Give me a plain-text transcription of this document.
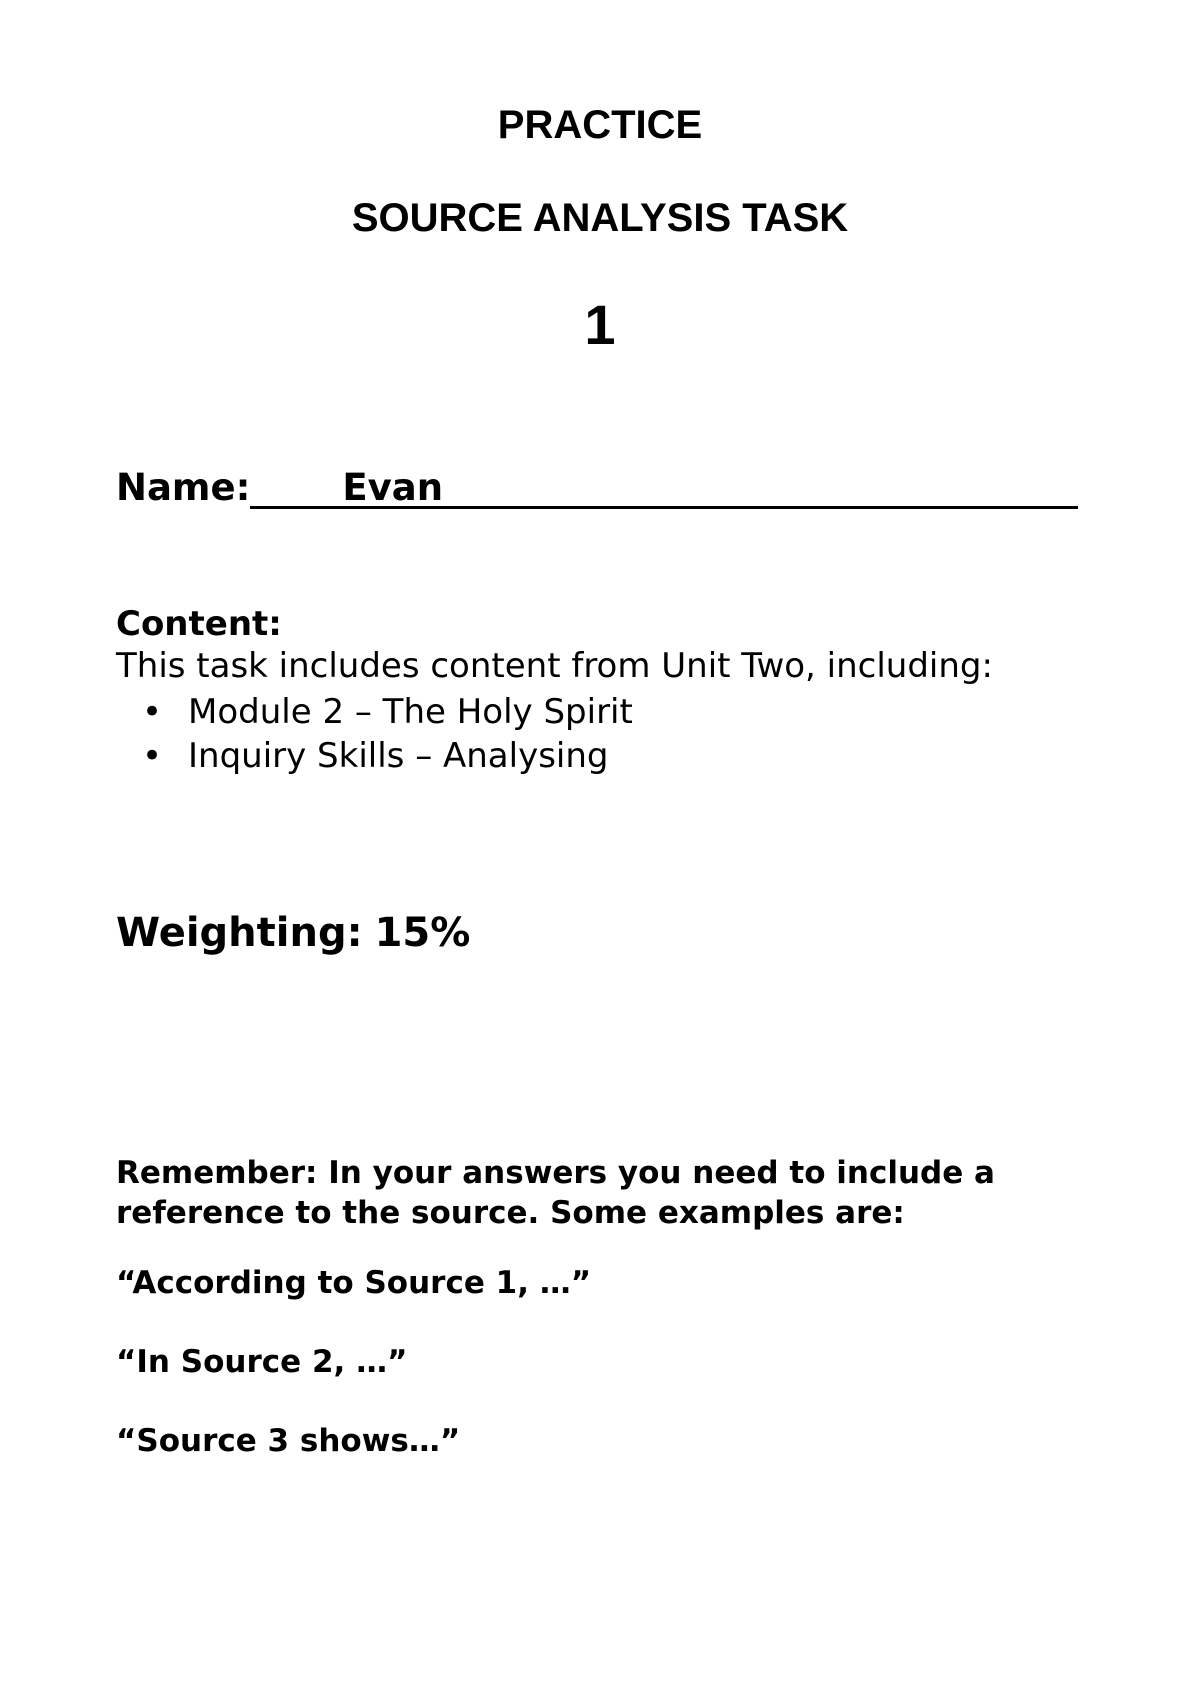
PRACTICE
SOURCE ANALYSIS TASK
1
Name: Evan
Content:
This task includes content from Unit Two, including:
• Module 2 – The Holy Spirit
• Inquiry Skills – Analysing
Weighting: 15%
Remember: In your answers you need to include a reference to the source. Some examples are:
“According to Source 1, …”
“In Source 2, …”
“Source 3 shows…”
